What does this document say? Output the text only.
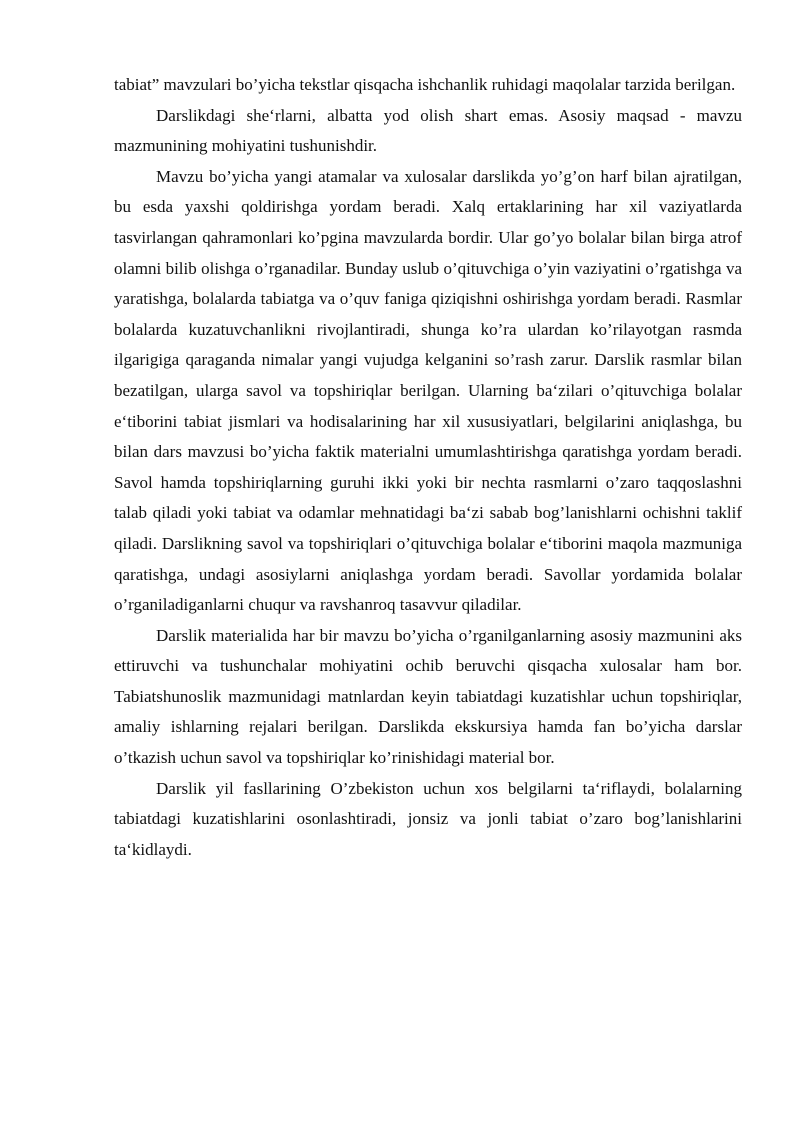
tabiat” mavzulari bo’yicha tekstlar qisqacha ishchanlik ruhidagi maqolalar tarzida berilgan.

Darslikdagi she‘rlarni, albatta yod olish shart emas. Asosiy maqsad - mavzu mazmunining mohiyatini tushunishdir.

Mavzu bo’yicha yangi atamalar va xulosalar darslikda yo’g’on harf bilan ajratilgan, bu esda yaxshi qoldirishga yordam beradi. Xalq ertaklarining har xil vaziyatlarda tasvirlangan qahramonlari ko’pgina mavzularda bordir. Ular go’yo bolalar bilan birga atrof olamni bilib olishga o’rganadilar. Bunday uslub o’qituvchiga o’yin vaziyatini o’rgatishga va yaratishga, bolalarda tabiatga va o’quv faniga qiziqishni oshirishga yordam beradi. Rasmlar bolalarda kuzatuvchanlikni rivojlantiradi, shunga ko’ra ulardan ko’rilayotgan rasmda ilgarigiga qaraganda nimalar yangi vujudga kelganini so’rash zarur. Darslik rasmlar bilan bezatilgan, ularga savol va topshiriqlar berilgan. Ularning ba‘zilari o’qituvchiga bolalar e‘tiborini tabiat jismlari va hodisalarining har xil xususiyatlari, belgilarini aniqlashga, bu bilan dars mavzusi bo’yicha faktik materialni umumlashtirishga qaratishga yordam beradi. Savol hamda topshiriqlarning guruhi ikki yoki bir nechta rasmlarni o’zaro taqqoslashni talab qiladi yoki tabiat va odamlar mehnatidagi ba‘zi sabab bog’lanishlarni ochishni taklif qiladi. Darslikning savol va topshiriqlari o’qituvchiga bolalar e‘tiborini maqola mazmuniga qaratishga, undagi asosiylarni aniqlashga yordam beradi. Savollar yordamida bolalar o’rganiladiganlarni chuqur va ravshanroq tasavvur qiladilar.

Darslik materialida har bir mavzu bo’yicha o’rganilganlarning asosiy mazmunini aks ettiruvchi va tushunchalar mohiyatini ochib beruvchi qisqacha xulosalar ham bor. Tabiatshunoslik mazmunidagi matnlardan keyin tabiatdagi kuzatishlar uchun topshiriqlar, amaliy ishlarning rejalari berilgan. Darslikda ekskursiya hamda fan bo’yicha darslar o’tkazish uchun savol va topshiriqlar ko’rinishidagi material bor.

Darslik yil fasllarining O’zbekiston uchun xos belgilarni ta‘riflaydi, bolalarning tabiatdagi kuzatishlarini osonlashtiradi, jonsiz va jonli tabiat o’zaro bog’lanishlarini ta‘kidlaydi.
